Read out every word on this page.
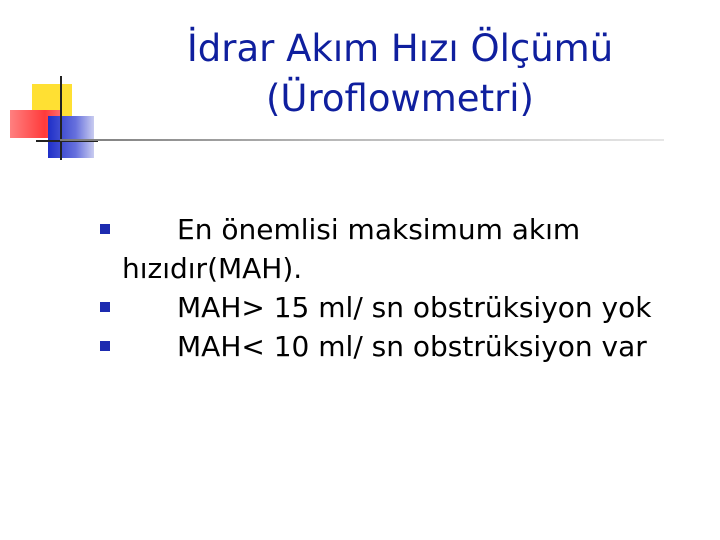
İdrar Akım Hızı Ölçümü
(Üroflowmetri)
En önemlisi maksimum akım hızıdır(MAH).
MAH> 15 ml/ sn obstrüksiyon yok
MAH< 10 ml/ sn obstrüksiyon var
